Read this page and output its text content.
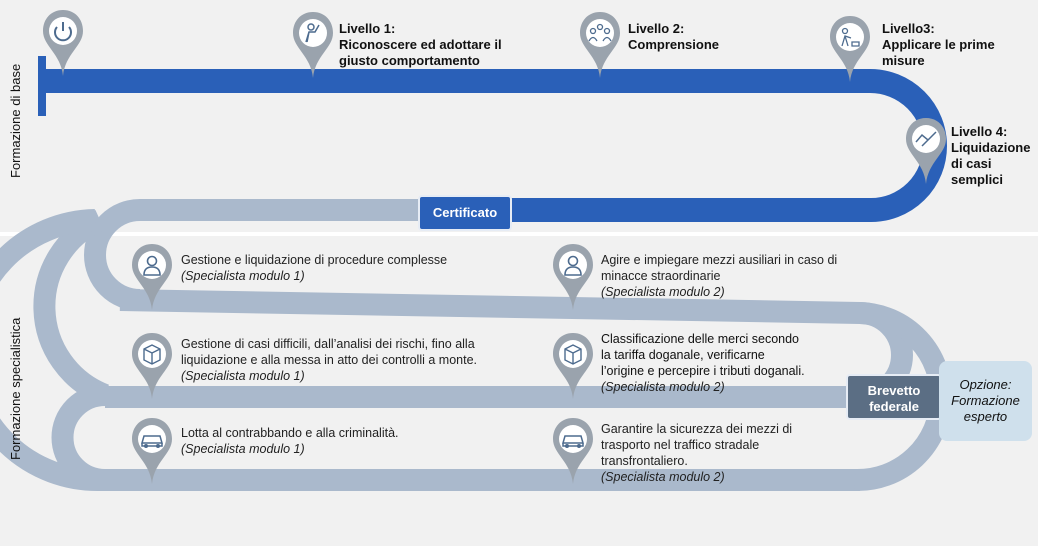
Formazione di base
Formazione specialistica
Livello 1:
Riconoscere ed adottare il
giusto comportamento
Livello 2:
Comprensione
Livello3:
Applicare le prime
misure
Livello 4:
Liquidazione
di casi
semplici
Certificato
Gestione e liquidazione di procedure complesse
(Specialista modulo 1)
Agire e impiegare mezzi ausiliari in caso di
minacce straordinarie
(Specialista modulo 2)
Gestione di casi difficili, dall’analisi dei rischi, fino alla
liquidazione e alla messa in atto dei controlli a monte.
(Specialista modulo 1)
Classificazione delle merci secondo
la tariffa doganale, verificarne
l’origine e percepire i tributi doganali.
(Specialista modulo 2)
Lotta al contrabbando e alla criminalità.
(Specialista modulo 1)
Garantire la sicurezza dei mezzi di
trasporto nel traffico stradale
transfrontaliero.
(Specialista modulo 2)
Brevetto
federale
Opzione:
Formazione
esperto
